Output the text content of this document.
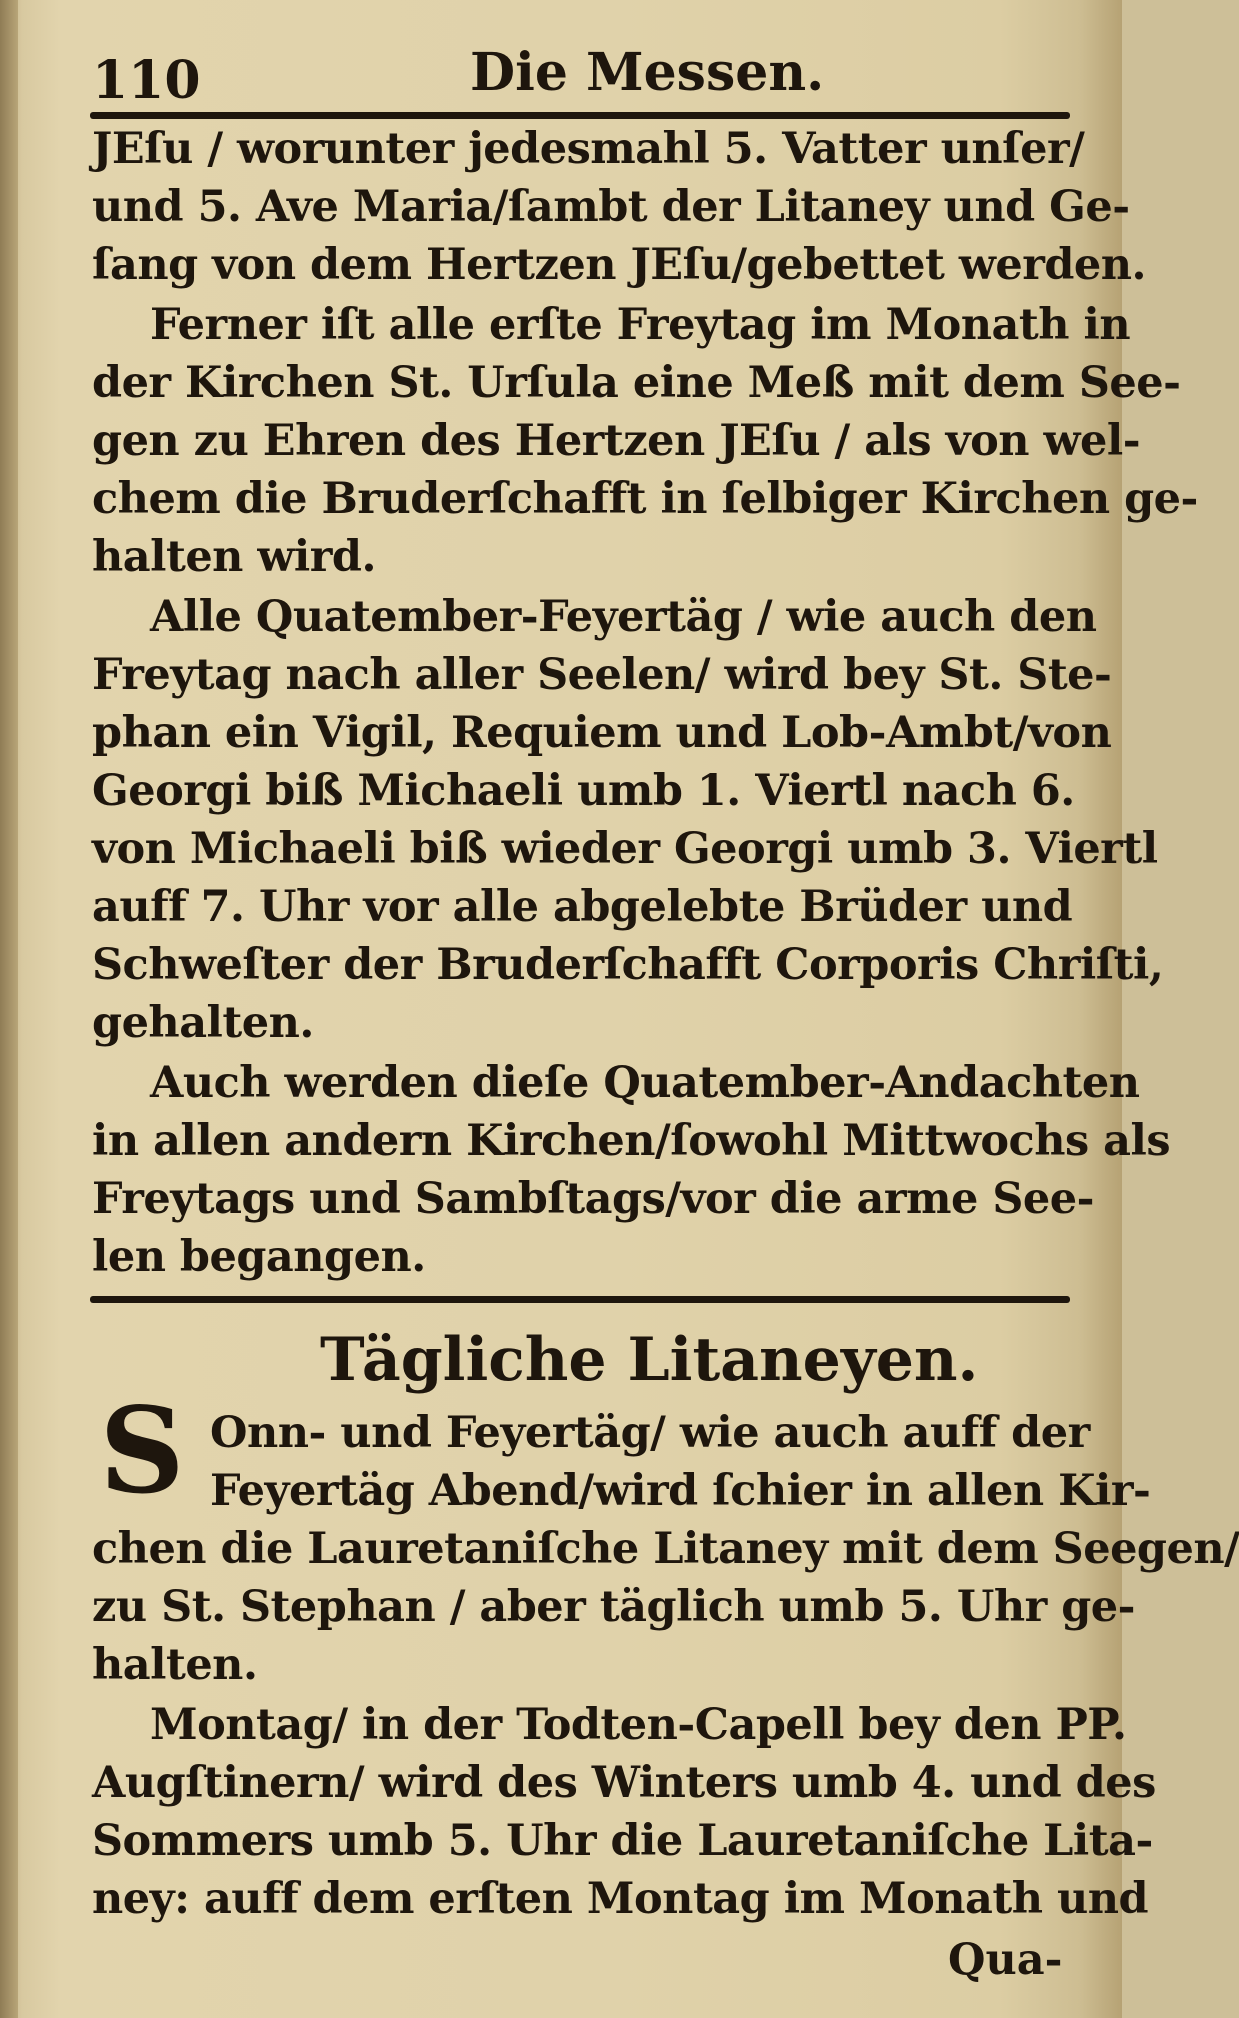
110	Die Messen.
JEſu / worunter jedesmahl 5. Vatter unſer/
und 5. Ave Maria/ſambt der Litaney und Ge-
ſang von dem Hertzen JEſu/gebettet werden.
Ferner iſt alle erſte Freytag im Monath in
der Kirchen St. Urſula eine Meß mit dem See-
gen zu Ehren des Hertzen JEſu / als von wel-
chem die Bruderſchafft in ſelbiger Kirchen ge-
halten wird.
Alle Quatember-Feyertäg / wie auch den
Freytag nach aller Seelen/ wird bey St. Ste-
phan ein Vigil, Requiem und Lob-Ambt/von
Georgi biß Michaeli umb 1. Viertl nach 6.
von Michaeli biß wieder Georgi umb 3. Viertl
auff 7. Uhr vor alle abgelebte Brüder und
Schweſter der Bruderſchafft Corporis Chriſti,
gehalten.
Auch werden dieſe Quatember-Andachten
in allen andern Kirchen/ſowohl Mittwochs als
Freytags und Sambſtags/vor die arme See-
len begangen.
Tägliche Litaneyen.
S Onn- und Feyertäg/ wie auch auff der
Feyertäg Abend/wird ſchier in allen Kir-
chen die Lauretaniſche Litaney mit dem Seegen/
zu St. Stephan / aber täglich umb 5. Uhr ge-
halten.
Montag/ in der Todten-Capell bey den PP.
Augſtinern/ wird des Winters umb 4. und des
Sommers umb 5. Uhr die Lauretaniſche Lita-
ney: auff dem erſten Montag im Monath und
Qua-
